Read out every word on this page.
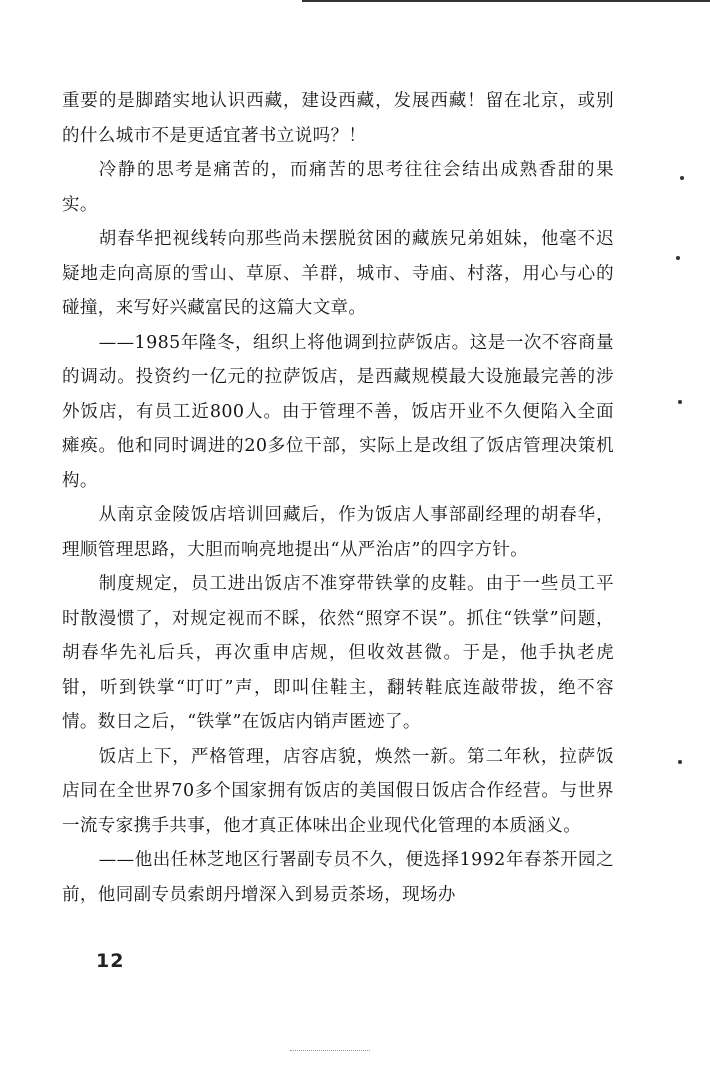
重要的是脚踏实地认识西藏，建设西藏，发展西藏！留在北京，或别的什么城市不是更适宜著书立说吗？！

冷静的思考是痛苦的，而痛苦的思考往往会结出成熟香甜的果实。

胡春华把视线转向那些尚未摆脱贫困的藏族兄弟姐妹，他毫不迟疑地走向高原的雪山、草原、羊群，城市、寺庙、村落，用心与心的碰撞，来写好兴藏富民的这篇大文章。

——1985年隆冬，组织上将他调到拉萨饭店。这是一次不容商量的调动。投资约一亿元的拉萨饭店，是西藏规模最大设施最完善的涉外饭店，有员工近800人。由于管理不善，饭店开业不久便陷入全面瘫痪。他和同时调进的20多位干部，实际上是改组了饭店管理决策机构。

从南京金陵饭店培训回藏后，作为饭店人事部副经理的胡春华，理顺管理思路，大胆而响亮地提出“从严治店”的四字方针。

制度规定，员工进出饭店不准穿带铁掌的皮鞋。由于一些员工平时散漫惯了，对规定视而不睬，依然“照穿不误”。抓住“铁掌”问题，胡春华先礼后兵，再次重申店规，但收效甚微。于是，他手执老虎钳，听到铁掌“叮叮”声，即叫住鞋主，翻转鞋底连敲带拔，绝不容情。数日之后，“铁掌”在饭店内销声匿迹了。

饭店上下，严格管理，店容店貌，焕然一新。第二年秋，拉萨饭店同在全世界70多个国家拥有饭店的美国假日饭店合作经营。与世界一流专家携手共事，他才真正体味出企业现代化管理的本质涵义。

——他出任林芝地区行署副专员不久，便选择1992年春茶开园之前，他同副专员索朗丹增深入到易贡茶场，现场办

12
